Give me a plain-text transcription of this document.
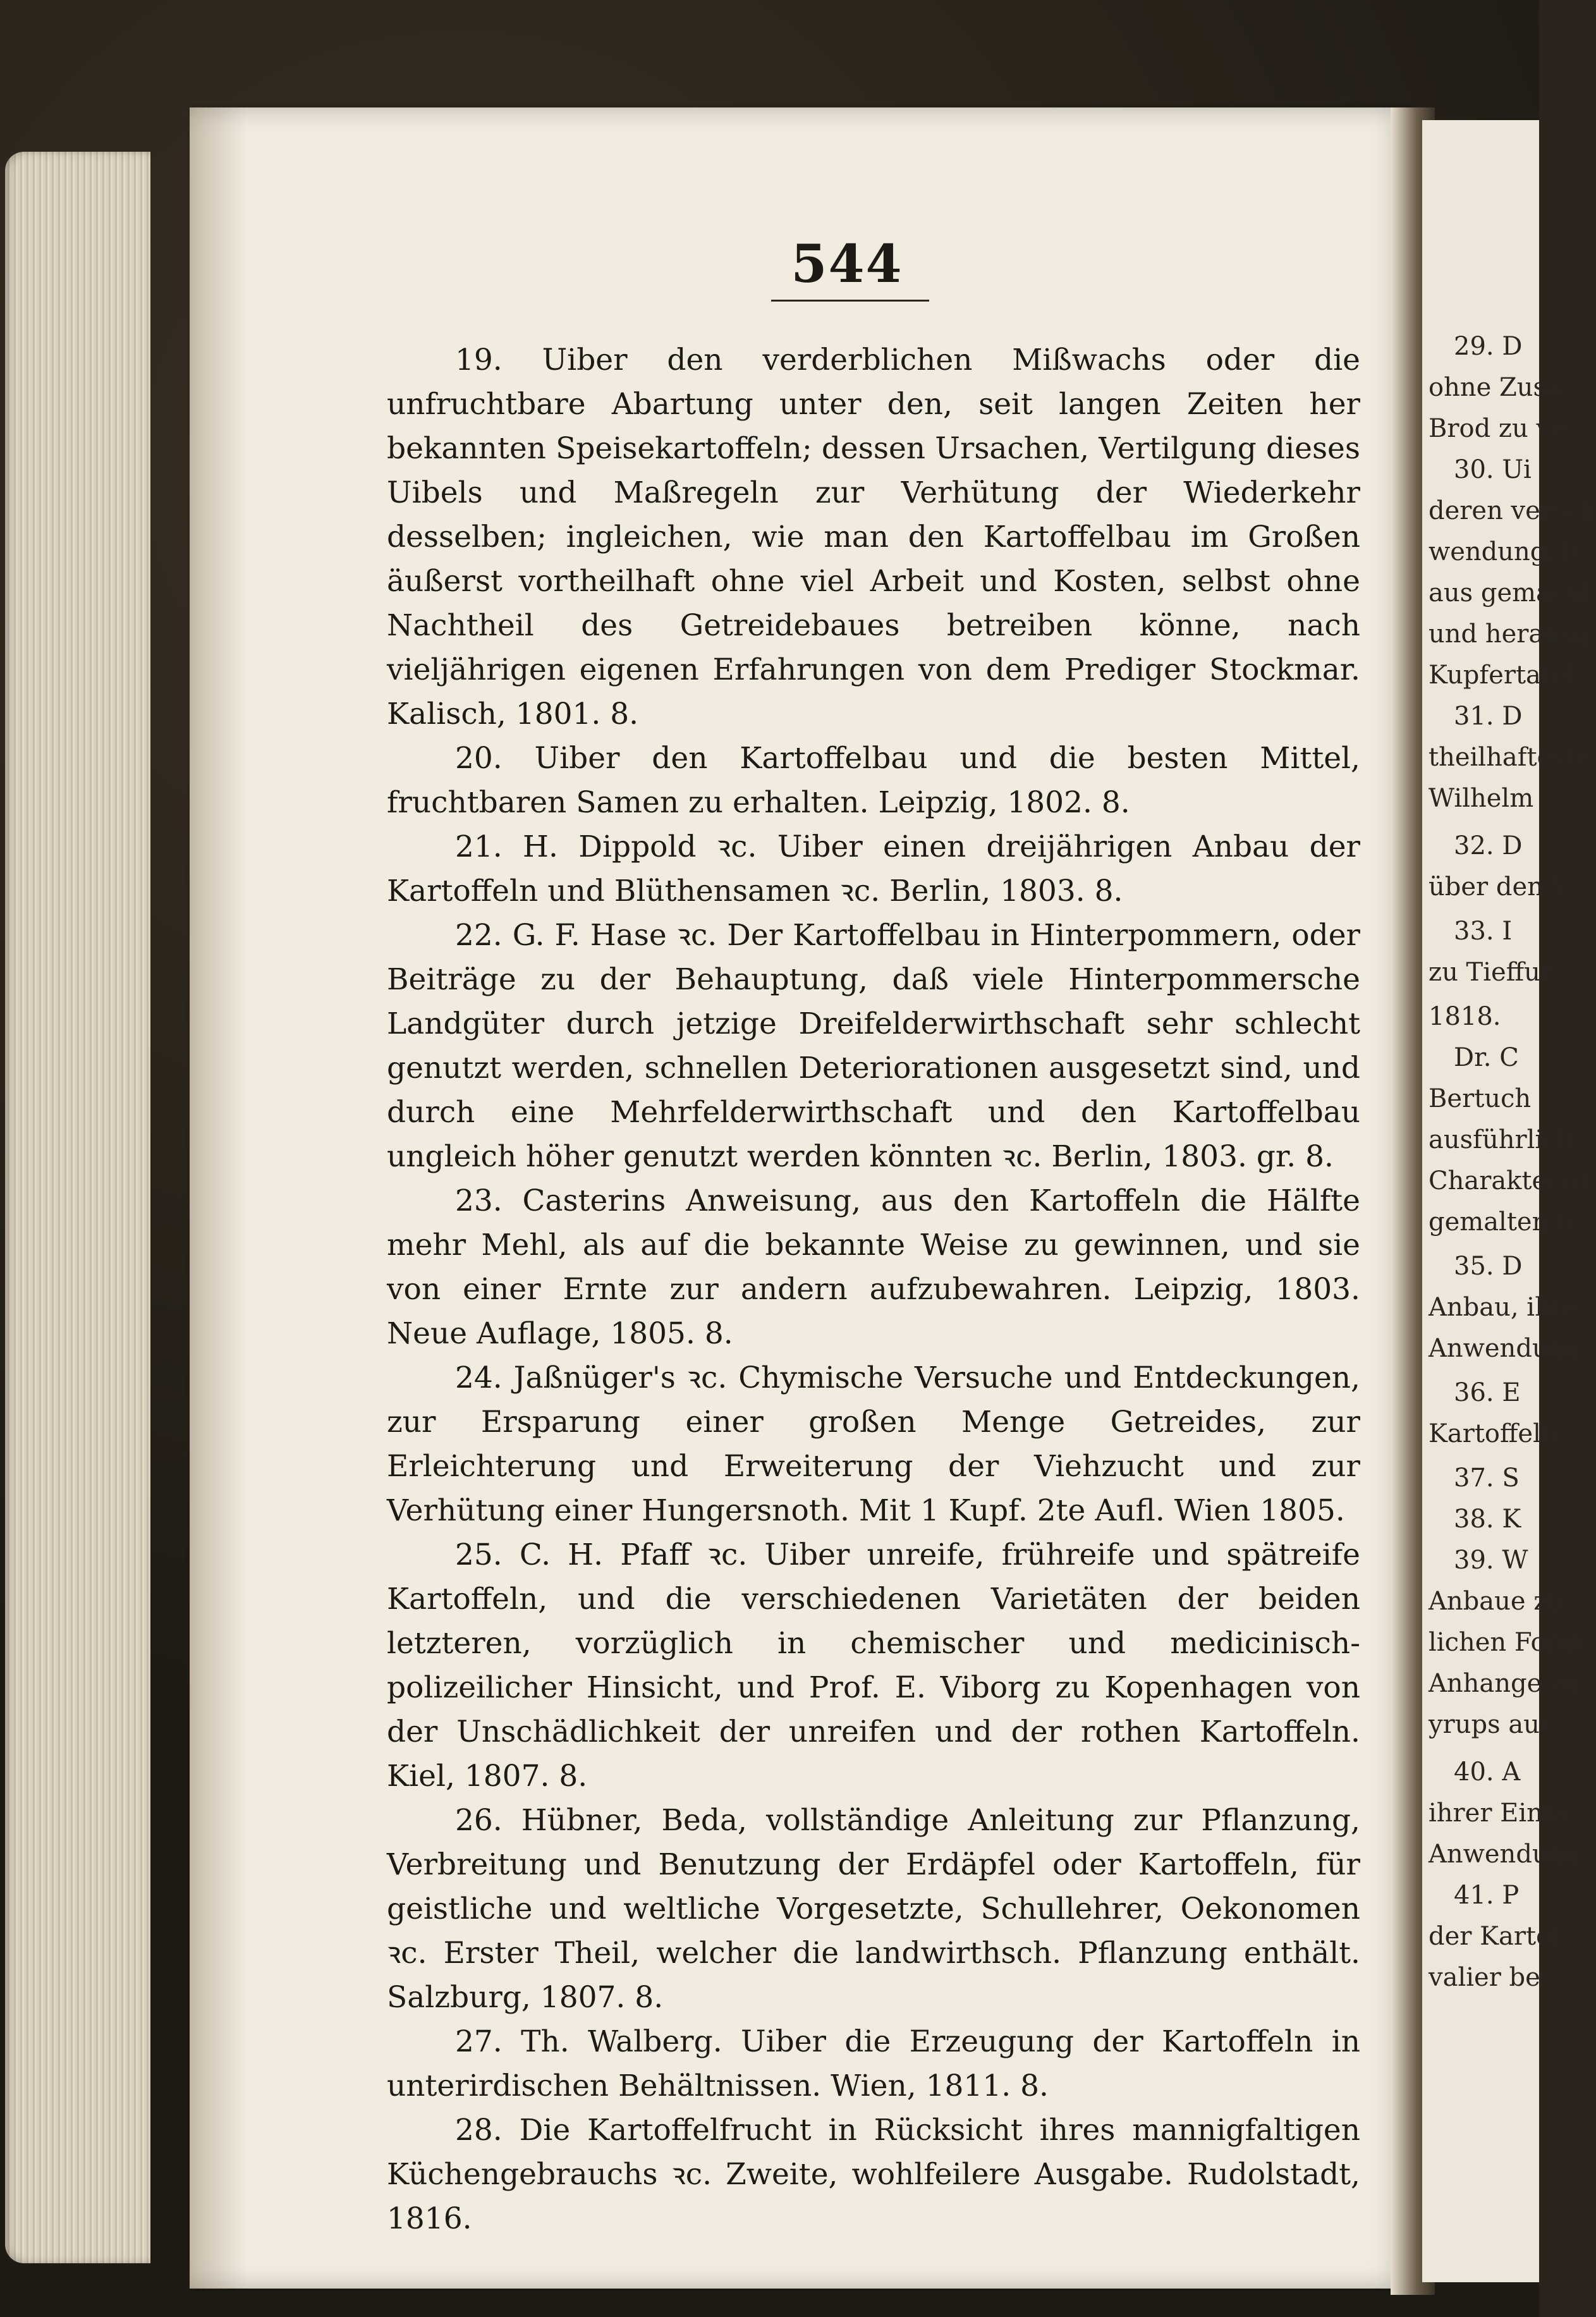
29. D
ohne Zusä
Brod zu ve
30. Ui
deren versch
wendung, b
aus gemacht
und herausg
Kupfertafel.
31. D
theilhafteste
Wilhelm
32. D
über den V
33. I
zu Tieffur
1818.
Dr. C
Bertuch
ausführlich
Charakterist
gemalten u
35. D
Anbau, ihre
Anwendung
36. E
Kartoffeln
37. S
38. K
39. W
Anbaue zu
lichen Form
Anhange zu
yrups aus
40. A
ihrer Einfa
Anwendung
41. P
der Kartof
valier be
544

19. Uiber den verderblichen Mißwachs oder die unfruchtbare Abartung unter den, seit langen Zeiten her bekannten Speisekartoffeln; dessen Ursachen, Vertilgung dieses Uibels und Maßregeln zur Verhütung der Wiederkehr desselben; ingleichen, wie man den Kartoffelbau im Großen äußerst vortheilhaft ohne viel Arbeit und Kosten, selbst ohne Nachtheil des Getreidebaues betreiben könne, nach vieljährigen eigenen Erfahrungen von dem Prediger Stockmar. Kalisch, 1801. 8.

20. Uiber den Kartoffelbau und die besten Mittel, fruchtbaren Samen zu erhalten. Leipzig, 1802. 8.

21. H. Dippold ꝛc. Uiber einen dreijährigen Anbau der Kartoffeln und Blüthensamen ꝛc. Berlin, 1803. 8.

22. G. F. Hase ꝛc. Der Kartoffelbau in Hinterpommern, oder Beiträge zu der Behauptung, daß viele Hinterpommersche Landgüter durch jetzige Dreifelderwirthschaft sehr schlecht genutzt werden, schnellen Deteriorationen ausgesetzt sind, und durch eine Mehrfelderwirthschaft und den Kartoffelbau ungleich höher genutzt werden könnten ꝛc. Berlin, 1803. gr. 8.

23. Casterins Anweisung, aus den Kartoffeln die Hälfte mehr Mehl, als auf die bekannte Weise zu gewinnen, und sie von einer Ernte zur andern aufzubewahren. Leipzig, 1803. Neue Auflage, 1805. 8.

24. Jaßnüger's ꝛc. Chymische Versuche und Entdeckungen, zur Ersparung einer großen Menge Getreides, zur Erleichterung und Erweiterung der Viehzucht und zur Verhütung einer Hungersnoth. Mit 1 Kupf. 2te Aufl. Wien 1805.

25. C. H. Pfaff ꝛc. Uiber unreife, frühreife und spätreife Kartoffeln, und die verschiedenen Varietäten der beiden letzteren, vorzüglich in chemischer und medicinisch-polizeilicher Hinsicht, und Prof. E. Viborg zu Kopenhagen von der Unschädlichkeit der unreifen und der rothen Kartoffeln. Kiel, 1807. 8.

26. Hübner, Beda, vollständige Anleitung zur Pflanzung, Verbreitung und Benutzung der Erdäpfel oder Kartoffeln, für geistliche und weltliche Vorgesetzte, Schullehrer, Oekonomen ꝛc. Erster Theil, welcher die landwirthsch. Pflanzung enthält. Salzburg, 1807. 8.

27. Th. Walberg. Uiber die Erzeugung der Kartoffeln in unterirdischen Behältnissen. Wien, 1811. 8.

28. Die Kartoffelfrucht in Rücksicht ihres mannigfaltigen Küchengebrauchs ꝛc. Zweite, wohlfeilere Ausgabe. Rudolstadt, 1816.
